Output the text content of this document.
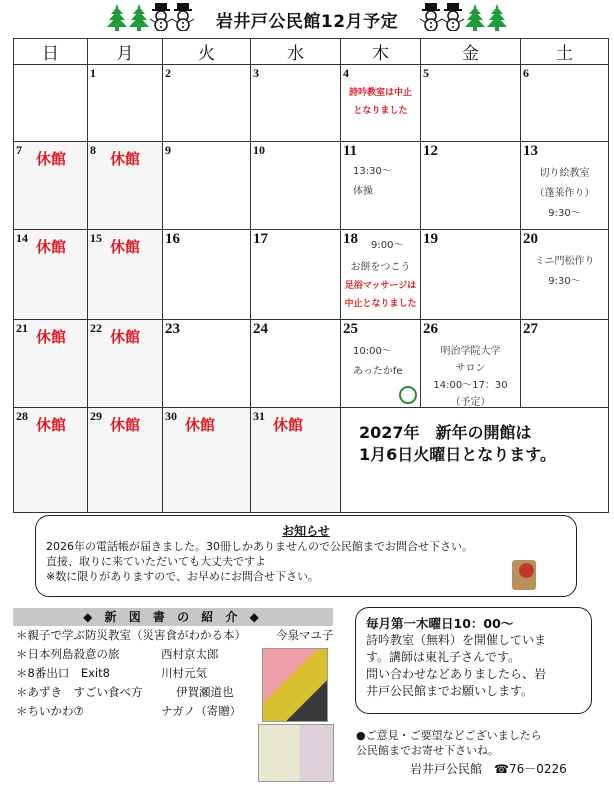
岩井戸公民館12月予定
日	月	火	水	木	金	土

	1	2	3	4
詩吟教室は中止
となりました	5	6

7 休館	8 休館	9	10	11
13:30～
体操	12	13
切り絵教室
（蓬莱作り）
9:30～

14 休館	15 休館	16	17	18 9:00～
お餅をつこう
足浴マッサージは
中止となりました	19	20
ミニ門松作り
9:30～

21 休館	22 休館	23	24	25
10:00～
あったかfe	26
明治学院大学
サロン
14:00～17：30
（予定）	27

28 休館	29 休館	30 休館	31 休館	2027年　新年の開館は
1月6日火曜日となります。
お知らせ
2026年の電話帳が届きました。30冊しかありませんので公民館までお問合せ下さい。
直接、取りに来ていただいても大丈夫ですよ
※数に限りがありますので、お早めにお問合せ下さい。
◆ 新 図 書 の 紹 介 ◆
＊親子で学ぶ防災教室（災害食がわかる本）	今泉マユ子
＊日本列島殺意の旅	西村京太郎
＊8番出口　Exit8	川村元気
＊あずき　すごい食べ方	伊賀瀬道也
＊ちいかわ⑦	ナガノ（寄贈）
毎月第一木曜日10：00～
詩吟教室（無料）を開催していま
す。講師は東礼子さんです。
問い合わせなどありましたら、岩
井戸公民館までお願いします。
●ご意見・ご要望などございましたら
公民館までお寄せ下さいね。
岩井戸公民館　☎76－0226
